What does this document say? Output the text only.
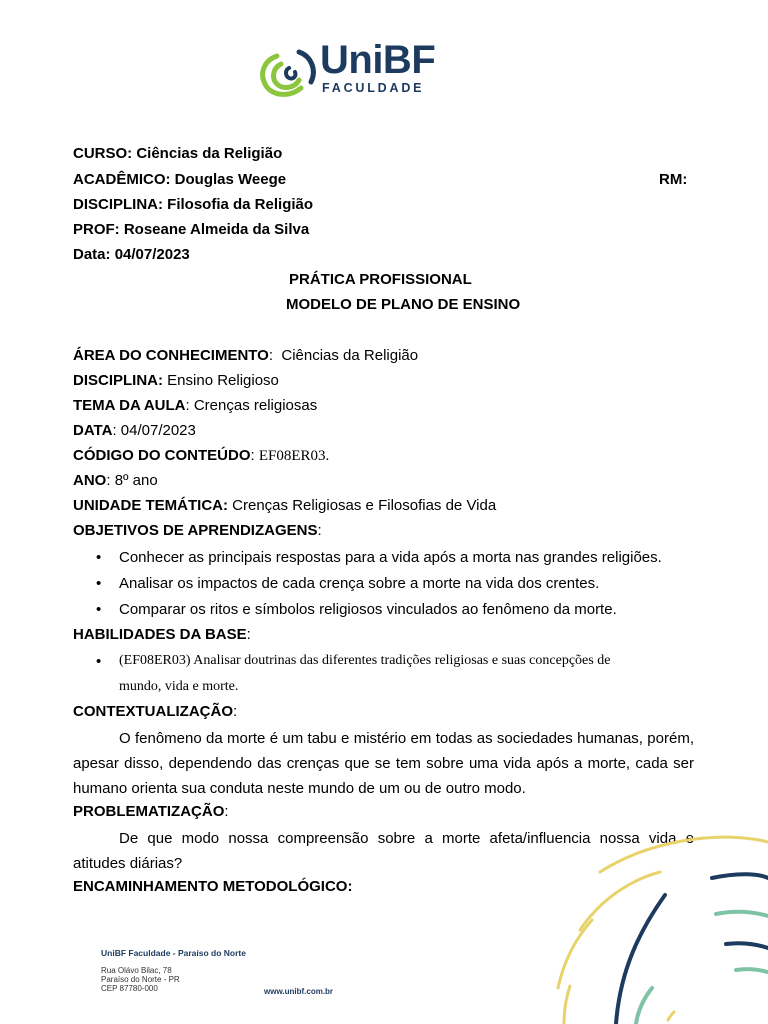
UniBF
FACULDADE
CURSO: Ciências da Religião
ACADÊMICO: Douglas Weege	RM:
DISCIPLINA: Filosofia da Religião
PROF: Roseane Almeida da Silva
Data: 04/07/2023
PRÁTICA PROFISSIONAL
MODELO DE PLANO DE ENSINO
ÁREA DO CONHECIMENTO:  Ciências da Religião
DISCIPLINA: Ensino Religioso
TEMA DA AULA: Crenças religiosas
DATA: 04/07/2023
CÓDIGO DO CONTEÚDO: EF08ER03.
ANO: 8º ano
UNIDADE TEMÁTICA: Crenças Religiosas e Filosofias de Vida
OBJETIVOS DE APRENDIZAGENS:
• Conhecer as principais respostas para a vida após a morta nas grandes religiões.
• Analisar os impactos de cada crença sobre a morte na vida dos crentes.
• Comparar os ritos e símbolos religiosos vinculados ao fenômeno da morte.
HABILIDADES DA BASE:
• (EF08ER03) Analisar doutrinas das diferentes tradições religiosas e suas concepções de
mundo, vida e morte.
CONTEXTUALIZAÇÃO:
O fenômeno da morte é um tabu e mistério em todas as sociedades humanas, porém, apesar disso, dependendo das crenças que se tem sobre uma vida após a morte, cada ser humano orienta sua conduta neste mundo de um ou de outro modo.
PROBLEMATIZAÇÃO:
De que modo nossa compreensão sobre a morte afeta/influencia nossa vida e atitudes diárias?
ENCAMINHAMENTO METODOLÓGICO:
UniBF Faculdade - Paraíso do Norte
Rua Olávo Bilac, 78
Paraíso do Norte - PR
CEP 87780-000	www.unibf.com.br
